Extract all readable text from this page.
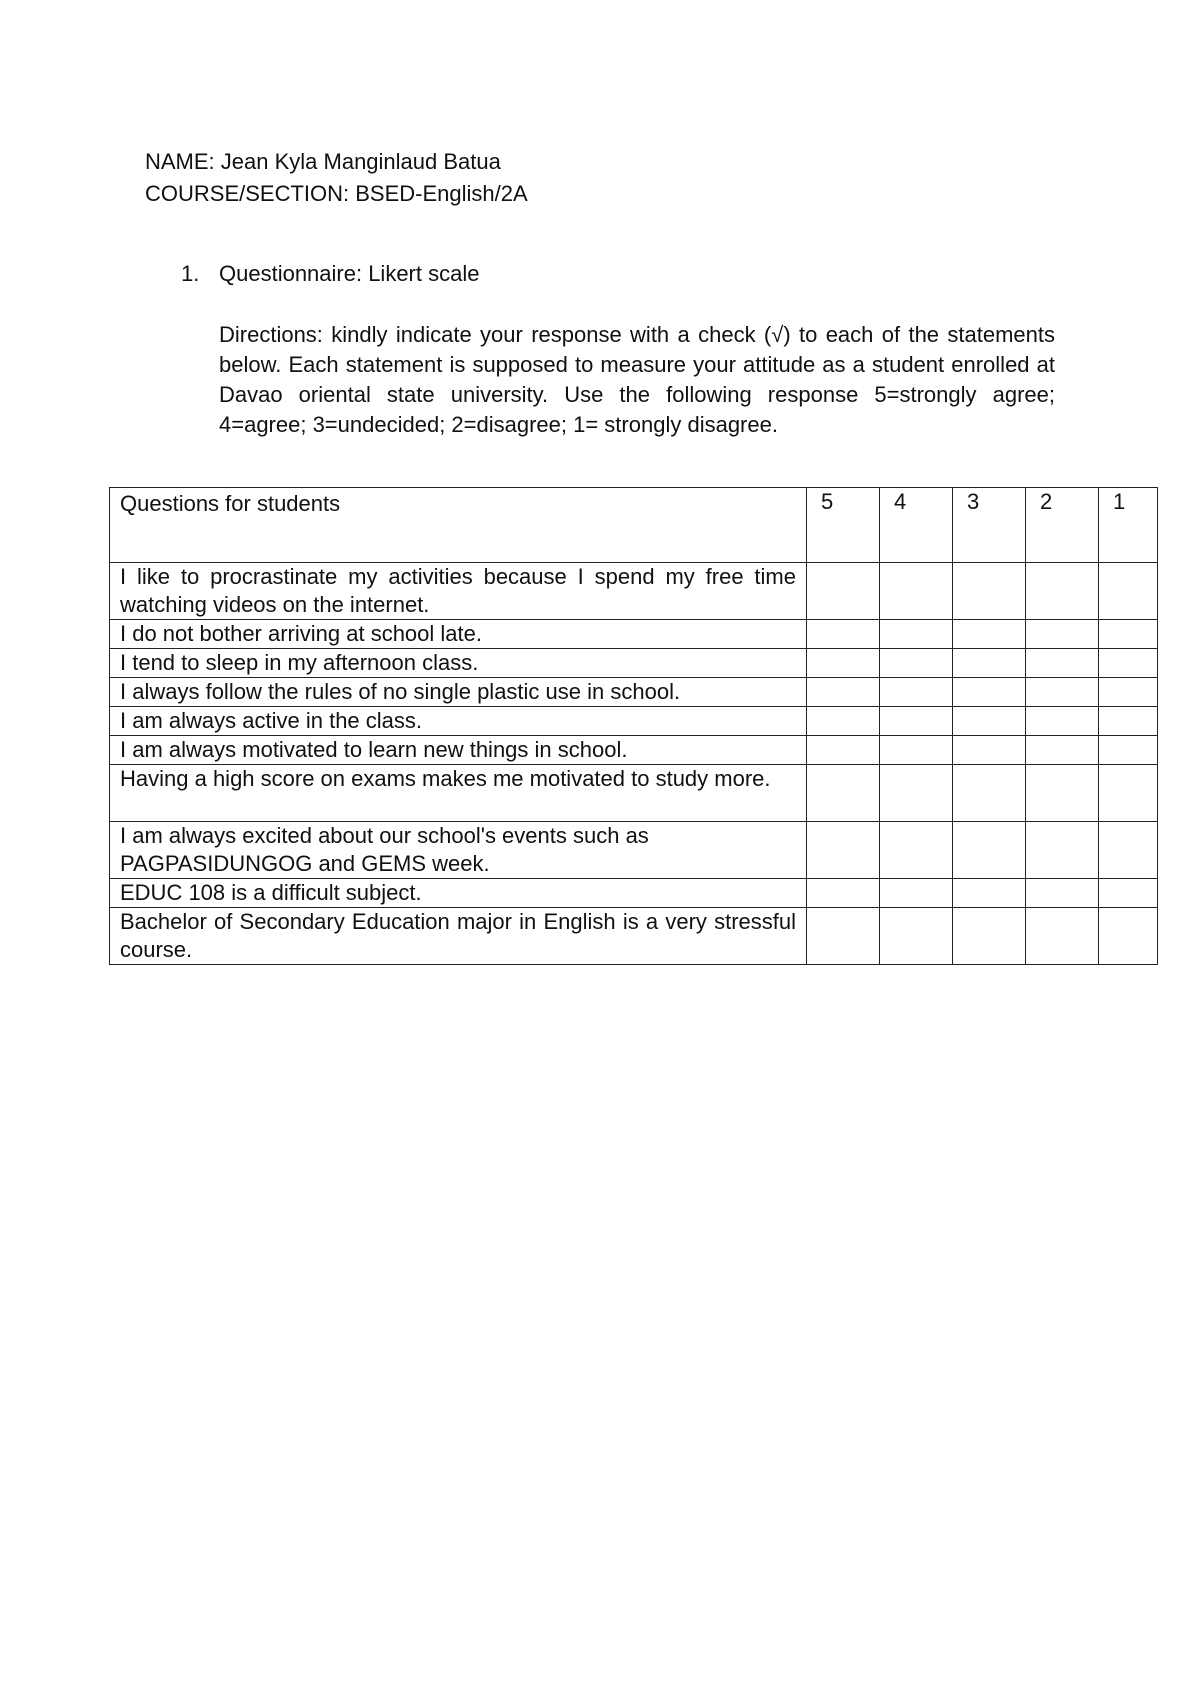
NAME: Jean Kyla Manginlaud Batua
COURSE/SECTION: BSED-English/2A
1. Questionnaire: Likert scale
Directions: kindly indicate your response with a check (√) to each of the statements below. Each statement is supposed to measure your attitude as a student enrolled at Davao oriental state university. Use the following response 5=strongly agree; 4=agree; 3=undecided; 2=disagree; 1= strongly disagree.
Questions for students	5	4	3	2	1
I like to procrastinate my activities because I spend my free time watching videos on the internet.					
I do not bother arriving at school late.					
I tend to sleep in my afternoon class.					
I always follow the rules of no single plastic use in school.					
I am always active in the class.					
I am always motivated to learn new things in school.					
Having a high score on exams makes me motivated to study more.					
I am always excited about our school's events such as PAGPASIDUNGOG and GEMS week.					
EDUC 108 is a difficult subject.					
Bachelor of Secondary Education major in English is a very stressful course.					
